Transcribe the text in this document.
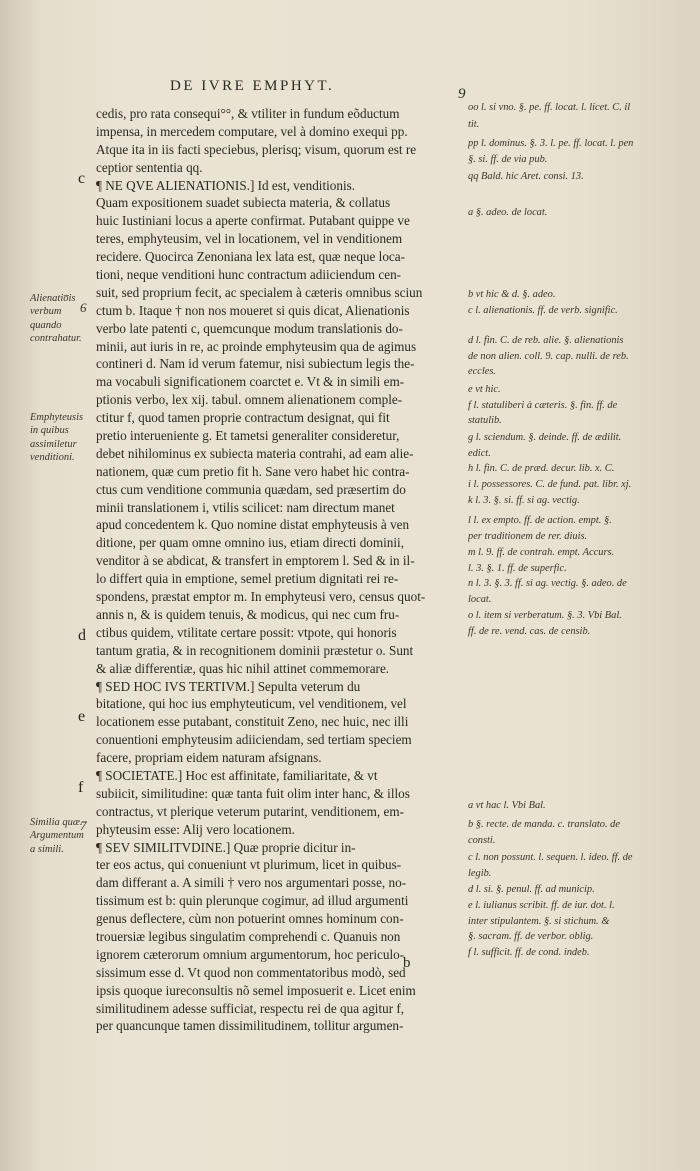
DE IVRE EMPHYT.	9
cedis, pro rata consequi°°, & vtiliter in fundum eõductum
impensa, in mercedem computare, vel à domino exequi pp.
Atque ita in iis facti speciebus, plerisq; visum, quorum est re
ceptior sententia qq.
¶ NE QVE ALIENATIONIS.] Id est, venditionis.
Quam expositionem suadet subiecta materia, & collatus
huic Iustiniani locus a aperte confirmat. Putabant quippe ve
teres, emphyteusim, vel in locationem, vel in venditionem
recidere. Quocirca Zenoniana lex lata est, quæ neque loca-
tioni, neque venditioni hunc contractum adiiciendum cen-
suit, sed proprium fecit, ac specialem à cæteris omnibus sciun
ctum b. Itaque † non nos moueret si quis dicat, Alienationis
verbo late patenti c, quemcunque modum translationis do-
minii, aut iuris in re, ac proinde emphyteusim qua de agimus
contineri d. Nam id verum fatemur, nisi subiectum legis the-
ma vocabuli significationem coarctet e. Vt & in simili em-
ptionis verbo, lex xij. tabul. omnem alienationem comple-
ctitur f, quod tamen proprie contractum designat, qui fit
pretio interueniente g. Et tametsi generaliter consideretur,
debet nihilominus ex subiecta materia contrahi, ad eam alie-
nationem, quæ cum pretio fit h. Sane vero habet hic contra-
ctus cum venditione communia quædam, sed præsertim do
minii translationem i, vtilis scilicet: nam directum manet
apud concedentem k. Quo nomine distat emphyteusis à ven
ditione, per quam omne omnino ius, etiam directi dominii,
venditor à se abdicat, & transfert in emptorem l. Sed & in il-
lo differt quia in emptione, semel pretium dignitati rei re-
spondens, præstat emptor m. In emphyteusi vero, census quot-
annis n, & is quidem tenuis, & modicus, qui nec cum fru-
ctibus quidem, vtilitate certare possit: vtpote, qui honoris
tantum gratia, & in recognitionem dominii præstetur o. Sunt
& aliæ differentiæ, quas hic nihil attinet commemorare.
¶ SED HOC IVS TERTIVM.] Sepulta veterum du
bitatione, qui hoc ius emphyteuticum, vel venditionem, vel
locationem esse putabant, constituit Zeno, nec huic, nec illi
conuentioni emphyteusim adiiciendam, sed tertiam speciem
facere, propriam eidem naturam afsignans.
¶ SOCIETATE.] Hoc est affinitate, familiaritate, & vt
subiicit, similitudine: quæ tanta fuit olim inter hanc, & illos
contractus, vt plerique veterum putarint, venditionem, em-
phyteusim esse: Alij vero locationem.
¶ SEV SIMILITVDINE.] Quæ proprie dicitur in-
ter eos actus, qui conueniunt vt plurimum, licet in quibus-
dam differant a. A simili † vero nos argumentari posse, no-
tissimum est b: quin plerunque cogimur, ad illud argumenti
genus deflectere, cùm non potuerint omnes hominum con-
trouersiæ legibus singulatim comprehendi c. Quanuis non
ignorem cæterorum omnium argumentorum, hoc periculo-
sissimum esse d. Vt quod non commentatoribus modò, sed
ipsis quoque iureconsultis nõ semel imposuerit e. Licet enim
similitudinem adesse sufficiat, respectu rei de qua agitur f,
per quancunque tamen dissimilitudinem, tollitur argumen-
c
d
e
f
6
7
Alienatio̅is verbum quando contrahatur.
Emphyteusis in quibus assimiletur venditioni.
Similia quæ. Argumentum a simili.
oo l. si vno. §. pe. ff. locat. l. licet. C. il
tit.
pp l. dominus. §. 3. l. pe. ff. locat. l. pen
§. si. ff. de via pub.
qq Bald. hic Aret. consi. 13.
a §. adeo. de locat.
b vt hic & d. §. adeo.
c l. alienationis. ff. de verb. signific.
d l. fin. C. de reb. alie. §. alienationis
de non alien. coll. 9. cap. nulli. de reb.
eccles.
e vt hic.
f l. statuliberi à cæteris. §. fin. ff. de
statulib.
g l. sciendum. §. deinde. ff. de ædilit.
edict.
h l. fin. C. de præd. decur. lib. x. C.
i l. possessores. C. de fund. pat. libr. xj.
k l. 3. §. si. ff. si ag. vectig.
l l. ex empto. ff. de action. empt. §.
per traditionem de rer. diuis.
m l. 9. ff. de contrah. empt. Accurs.
l. 3. §. 1. ff. de superfic.
n l. 3. §. 3. ff. si ag. vectig. §. adeo. de
locat.
o l. item si verberatum. §. 3. Vbi Bal.
ff. de re. vend. cas. de censib.
a vt hac l. Vbi Bal.
b §. recte. de manda. c. translato. de
consti.
c l. non possunt. l. sequen. l. ideo. ff. de
legib.
d l. si. §. penul. ff. ad municip.
e l. iulianus scribit. ff. de iur. dot. l.
inter stipulantem. §. si stichum. &
§. sacram. ff. de verbor. oblig.
f l. sufficit. ff. de cond. indeb.
b
